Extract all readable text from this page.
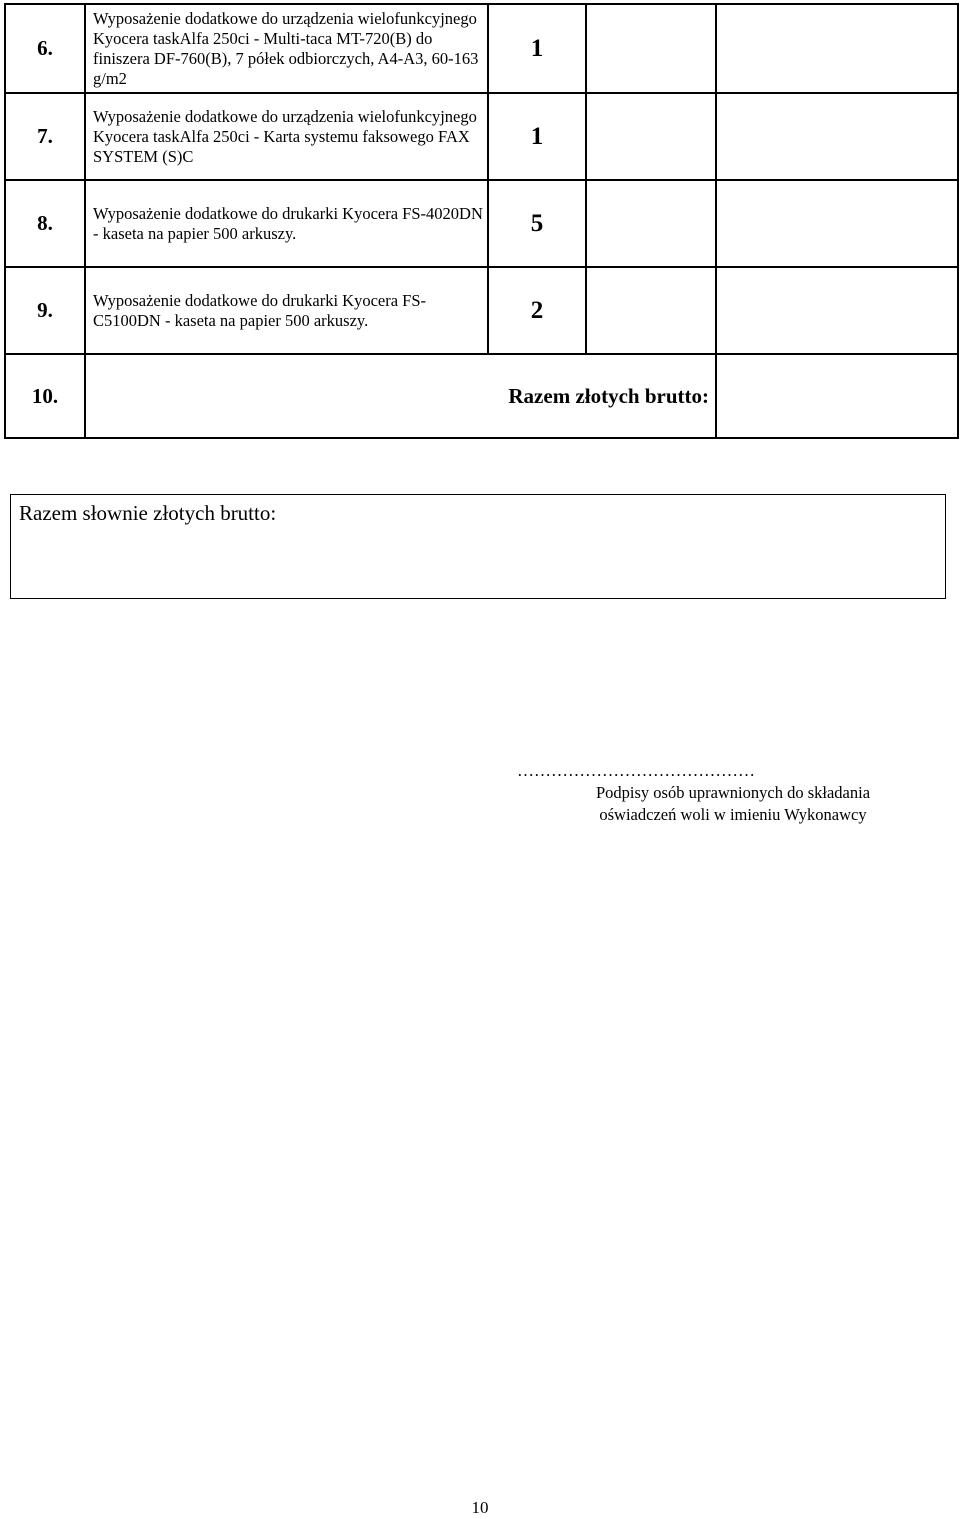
6.	Wyposażenie dodatkowe do urządzenia wielofunkcyjnego Kyocera taskAlfa 250ci - Multi-taca MT-720(B) do finiszera DF-760(B), 7 półek odbiorczych, A4-A3, 60-163 g/m2	1		
7.	Wyposażenie dodatkowe do urządzenia wielofunkcyjnego Kyocera taskAlfa 250ci - Karta systemu faksowego FAX SYSTEM (S)C	1		
8.	Wyposażenie dodatkowe do drukarki Kyocera FS-4020DN - kaseta na papier 500 arkuszy.	5		
9.	Wyposażenie dodatkowe do drukarki Kyocera FS-C5100DN - kaseta na papier 500 arkuszy.	2		
10.	Razem złotych brutto:			
Razem słownie złotych brutto:
……………………………………
Podpisy osób uprawnionych do składania
oświadczeń woli w imieniu Wykonawcy
10
